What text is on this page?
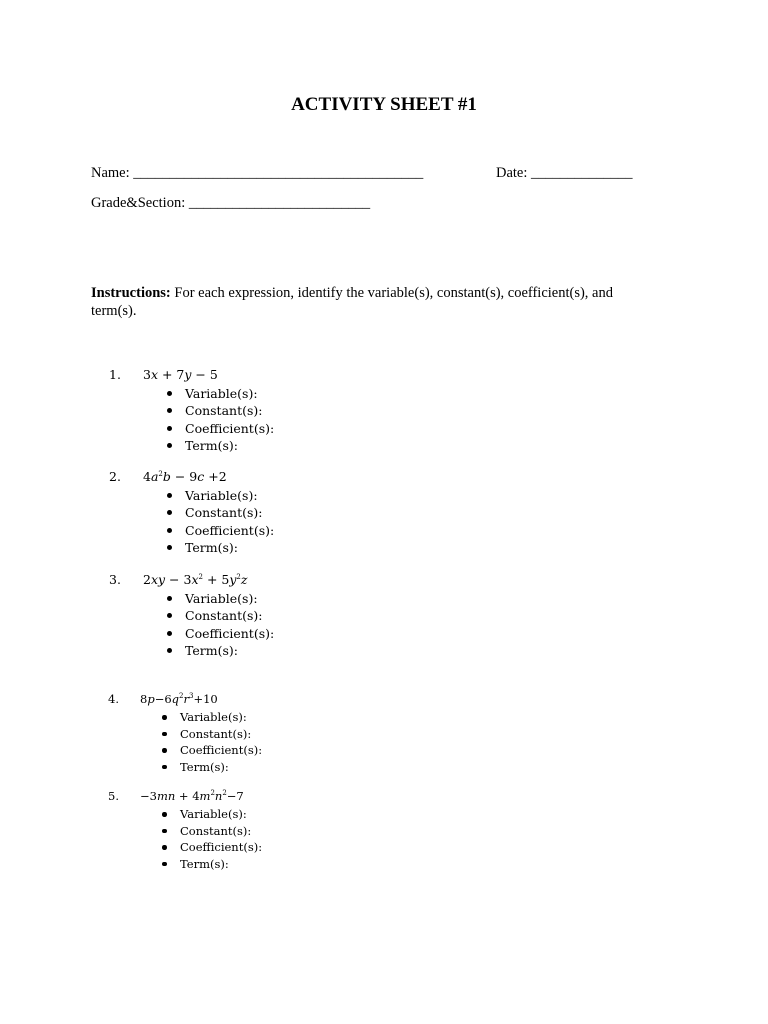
ACTIVITY SHEET #1
Name: ________________________________________	Date: ______________
Grade&Section: _________________________
Instructions: For each expression, identify the variable(s), constant(s), coefficient(s), and term(s).
1. 3x + 7y − 5
Variable(s):
Constant(s):
Coefficient(s):
Term(s):
2. $4a^2b - 9c +2$
Variable(s):
Constant(s):
Coefficient(s):
Term(s):
3. $2xy - 3x^2 + 5y^2z$
Variable(s):
Constant(s):
Coefficient(s):
Term(s):
4. $8p-6q^2r^3+10$
Variable(s):
Constant(s):
Coefficient(s):
Term(s):
5. $-3mn + 4m^2n^2-7$
Variable(s):
Constant(s):
Coefficient(s):
Term(s):
